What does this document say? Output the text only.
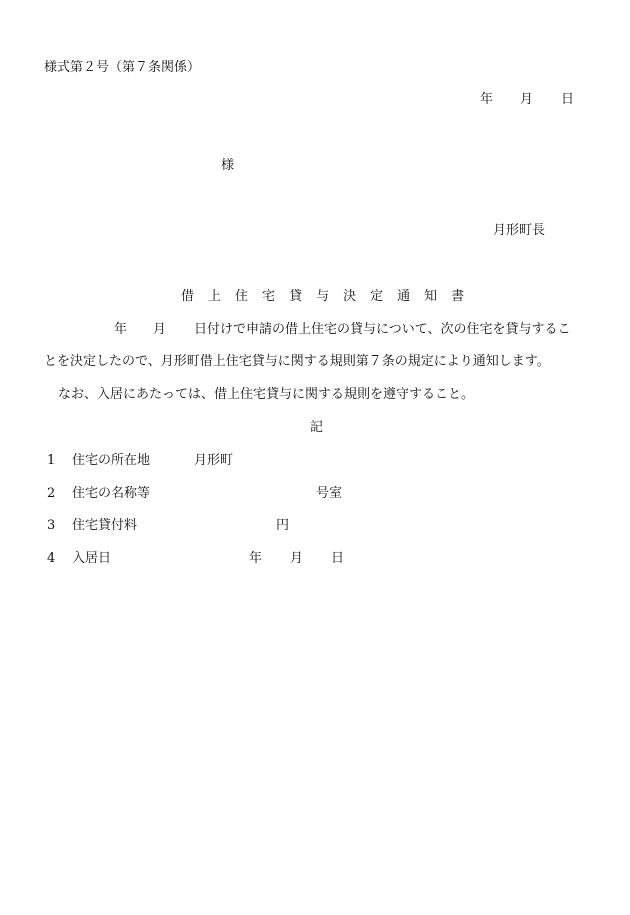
様式第２号（第７条関係）
年 月 日
様
月形町長
借 上 住 宅 貸 与 決 定 通 知 書
年 月 日付けで申請の借上住宅の貸与について、次の住宅を貸与するこ
とを決定したので、月形町借上住宅貸与に関する規則第７条の規定により通知します。
なお、入居にあたっては、借上住宅貸与に関する規則を遵守すること。
記
1 住宅の所在地	月形町
2 住宅の名称等	号室
3 住宅貸付料	円
4 入居日	年 月 日
